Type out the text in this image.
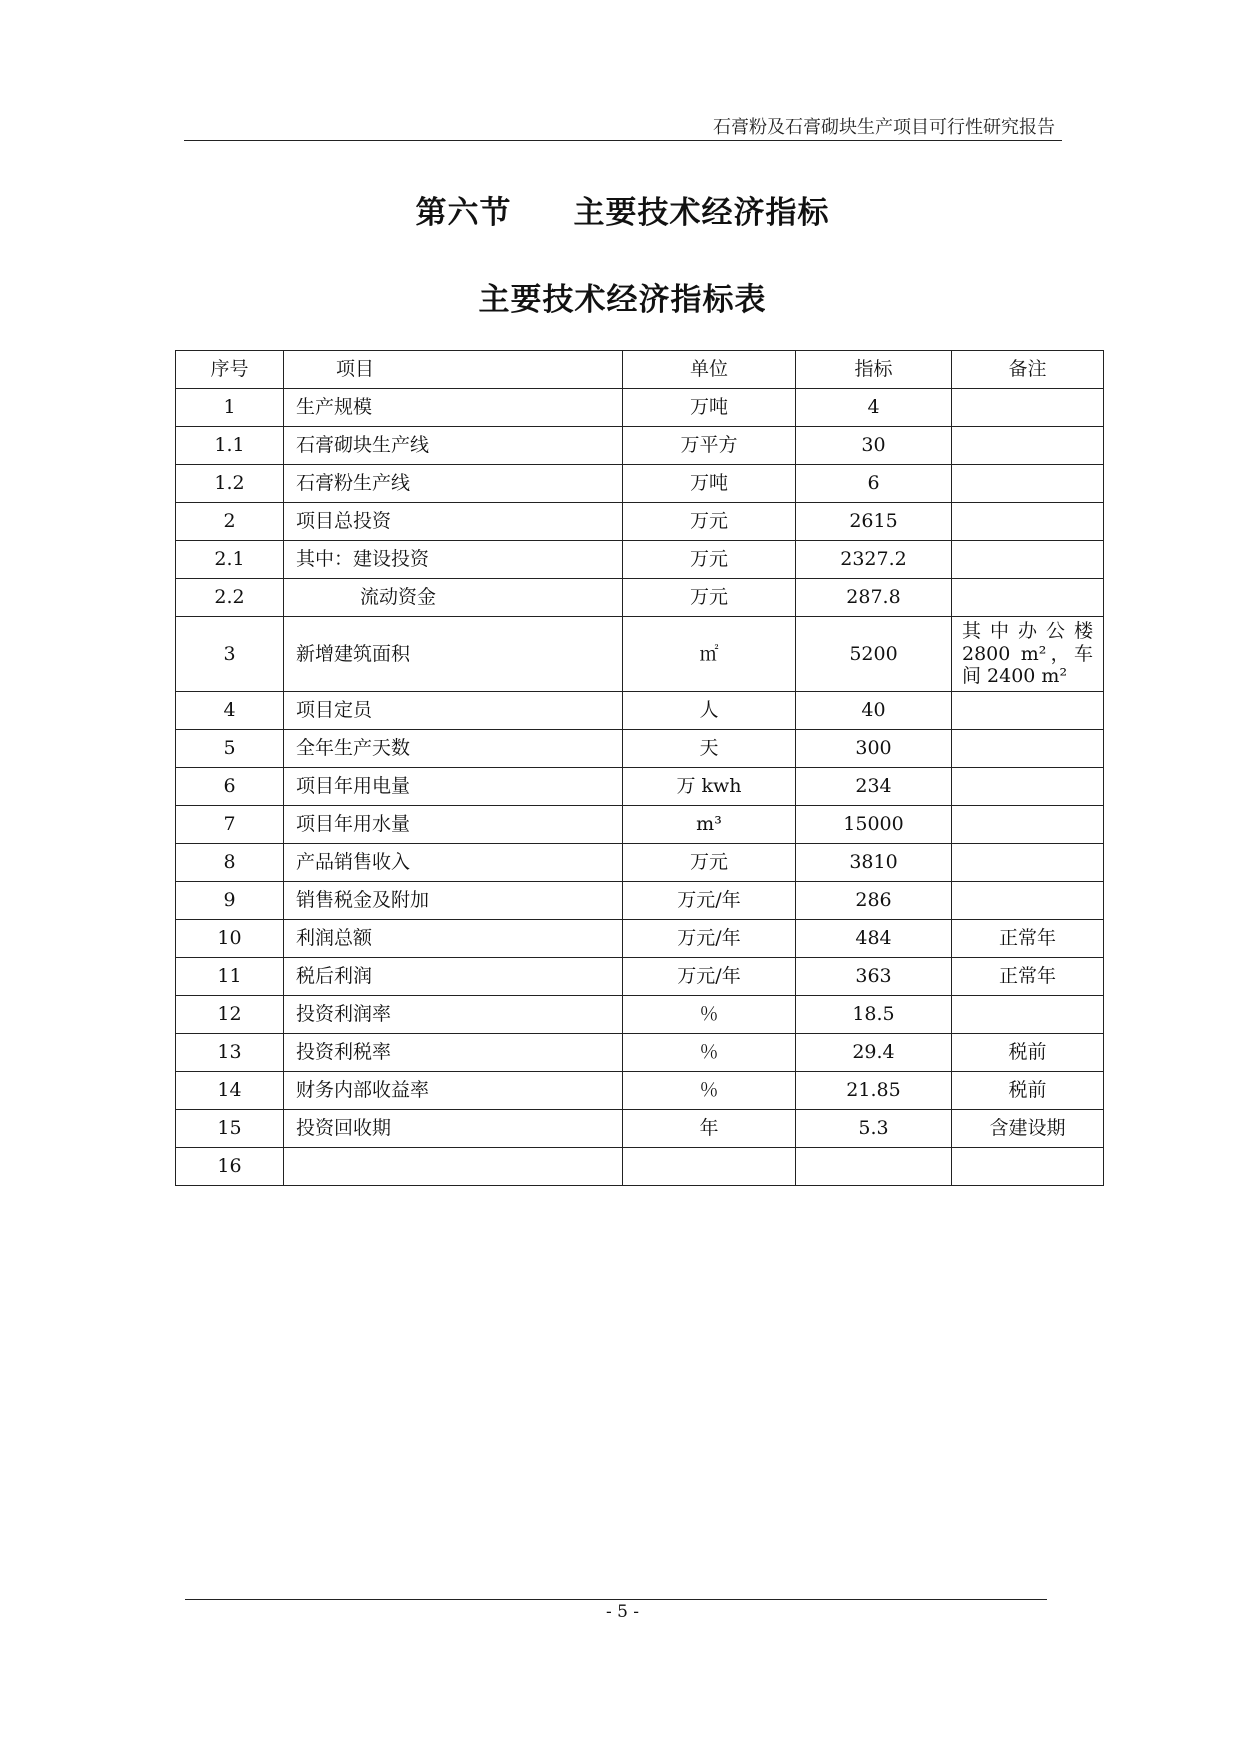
石膏粉及石膏砌块生产项目可行性研究报告
第六节 主要技术经济指标
主要技术经济指标表
序号	项目	单位	指标	备注
1	生产规模	万吨	4	
1.1	石膏砌块生产线	万平方	30	
1.2	石膏粉生产线	万吨	6	
2	项目总投资	万元	2615	
2.1	其中：建设投资	万元	2327.2	
2.2	流动资金	万元	287.8	
3	新增建筑面积	㎡	5200	其中办公楼 2800 m²，车间 2400 m²
4	项目定员	人	40	
5	全年生产天数	天	300	
6	项目年用电量	万 kwh	234	
7	项目年用水量	m³	15000	
8	产品销售收入	万元	3810	
9	销售税金及附加	万元/年	286	
10	利润总额	万元/年	484	正常年
11	税后利润	万元/年	363	正常年
12	投资利润率	％	18.5	
13	投资利税率	％	29.4	税前
14	财务内部收益率	％	21.85	税前
15	投资回收期	年	5.3	含建设期
16				
- 5 -
